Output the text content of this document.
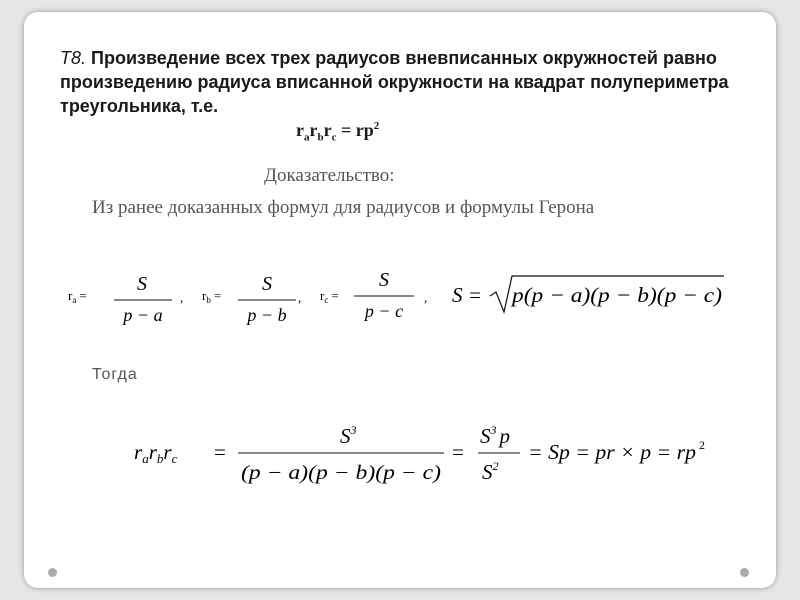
T8. Произведение всех трех радиусов вневписанных окружностей равно произведению радиуса вписанной окружности на квадрат полупериметра треугольника, т.е.
$r_ar_br_c = rp^2$
Доказательство:
Из ранее доказанных формул для радиусов и формулы Герона
$r_a$ =
S
p − a
, $r_b$ =
S
p − b
, $r_c$ =
S
p − c
, S = p(p − a)(p − b)(p − c)
Тогда
rarbrc =
$S^3$
(p − a)(p − b)(p − c)
=
$S^3$ p
$S^2$
= Sp = pr × p = rp 2
